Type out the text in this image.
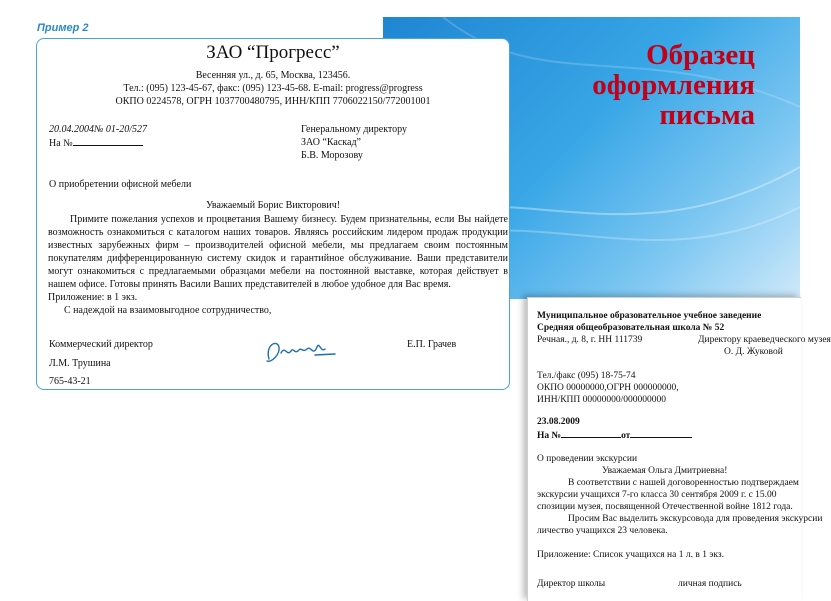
Образец
оформления
письма
Пример 2
ЗАО “Прогресс”
Весенняя ул., д. 65, Москва, 123456.
Тел.: (095) 123-45-67, факс: (095) 123-45-68. E-mail: progress@progress
ОКПО 0224578, ОГРН 1037700480795, ИНН/КПП 7706022150/772001001
20.04.2004№ 01-20/527
На №
Генеральному директору
ЗАО “Каскад”
Б.В. Морозову
О приобретении офисной мебели
Уважаемый Борис Викторович!

Примите пожелания успехов и процветания Вашему бизнесу. Будем признательны, если Вы найдете возможность ознакомиться с каталогом наших товаров. Являясь российским лидером продаж продукции известных зарубежных фирм – производителей офисной мебели, мы предлагаем своим постоянным покупателям дифференцированную систему скидок и гарантийное обслуживание. Ваши представители могут ознакомиться с предлагаемыми образцами мебели на постоянной выставке, которая действует в нашем офисе. Готовы принять Васили Ваших представителей в любое удобное для Вас время.

Приложение: в 1 экз.

С надеждой на взаимовыгодное сотрудничество,

Коммерческий директор	Е.П. Грачев
Л.М. Трушина
765-43-21
Муниципальное образовательное учебное заведение
Средняя общеобразовательная школа № 52
Речная., д. 8, г. НН 111739	Директору краеведческого музея
О. Д. Жуковой
Тел./факс (095) 18-75-74
ОКПО 00000000,ОГРН 000000000,
ИНН/КПП 00000000/000000000
23.08.2009
На №	от
О проведении экскурсии
Уважаемая Ольга Дмитриевна!
В соответствии с нашей договоренностью подтверждаем
экскурсии учащихся 7-го класса 30 сентября 2009 г. с 15.00
спозиции музея, посвященной Отечественной войне 1812 года.
Просим Вас выделить экскурсовода для проведения экскурсии
личество учащихся 23 человека.
Приложение: Список учащихся на 1 л. в 1 экз.
Директор школы	личная подпись
